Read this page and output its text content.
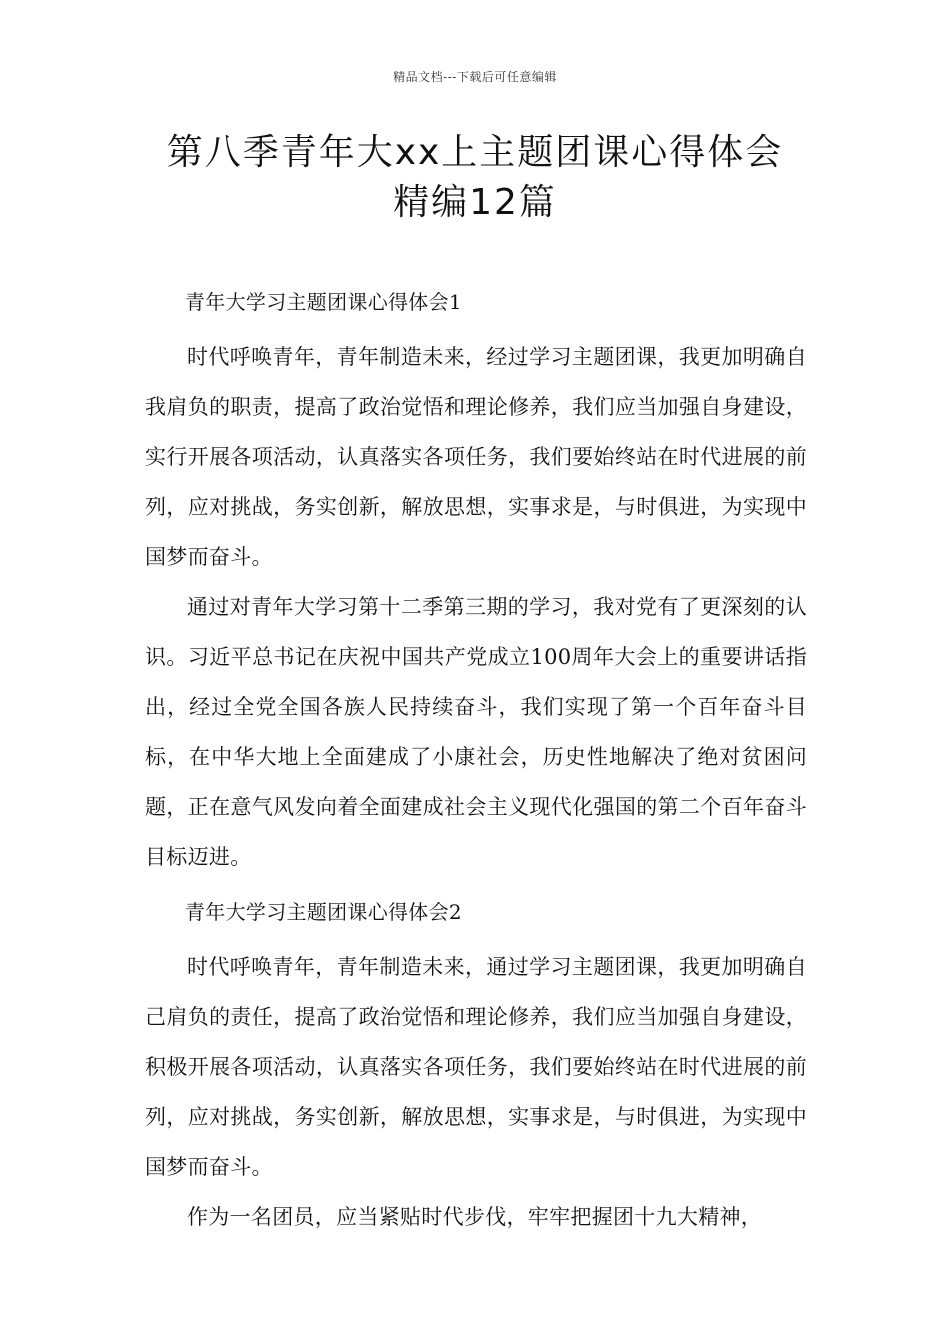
精品文档---下载后可任意编辑
第八季青年大xx上主题团课心得体会
精编12篇

青年大学习主题团课心得体会1

时代呼唤青年，青年制造未来，经过学习主题团课，我更加明确自我肩负的职责，提高了政治觉悟和理论修养，我们应当加强自身建设，实行开展各项活动，认真落实各项任务，我们要始终站在时代进展的前列，应对挑战，务实创新，解放思想，实事求是，与时俱进，为实现中国梦而奋斗。

通过对青年大学习第十二季第三期的学习，我对党有了更深刻的认识。习近平总书记在庆祝中国共产党成立100周年大会上的重要讲话指出，经过全党全国各族人民持续奋斗，我们实现了第一个百年奋斗目标，在中华大地上全面建成了小康社会，历史性地解决了绝对贫困问题，正在意气风发向着全面建成社会主义现代化强国的第二个百年奋斗目标迈进。

青年大学习主题团课心得体会2

时代呼唤青年，青年制造未来，通过学习主题团课，我更加明确自己肩负的责任，提高了政治觉悟和理论修养，我们应当加强自身建设，积极开展各项活动，认真落实各项任务，我们要始终站在时代进展的前列，应对挑战，务实创新，解放思想，实事求是，与时俱进，为实现中国梦而奋斗。

作为一名团员，应当紧贴时代步伐，牢牢把握团十九大精神，
